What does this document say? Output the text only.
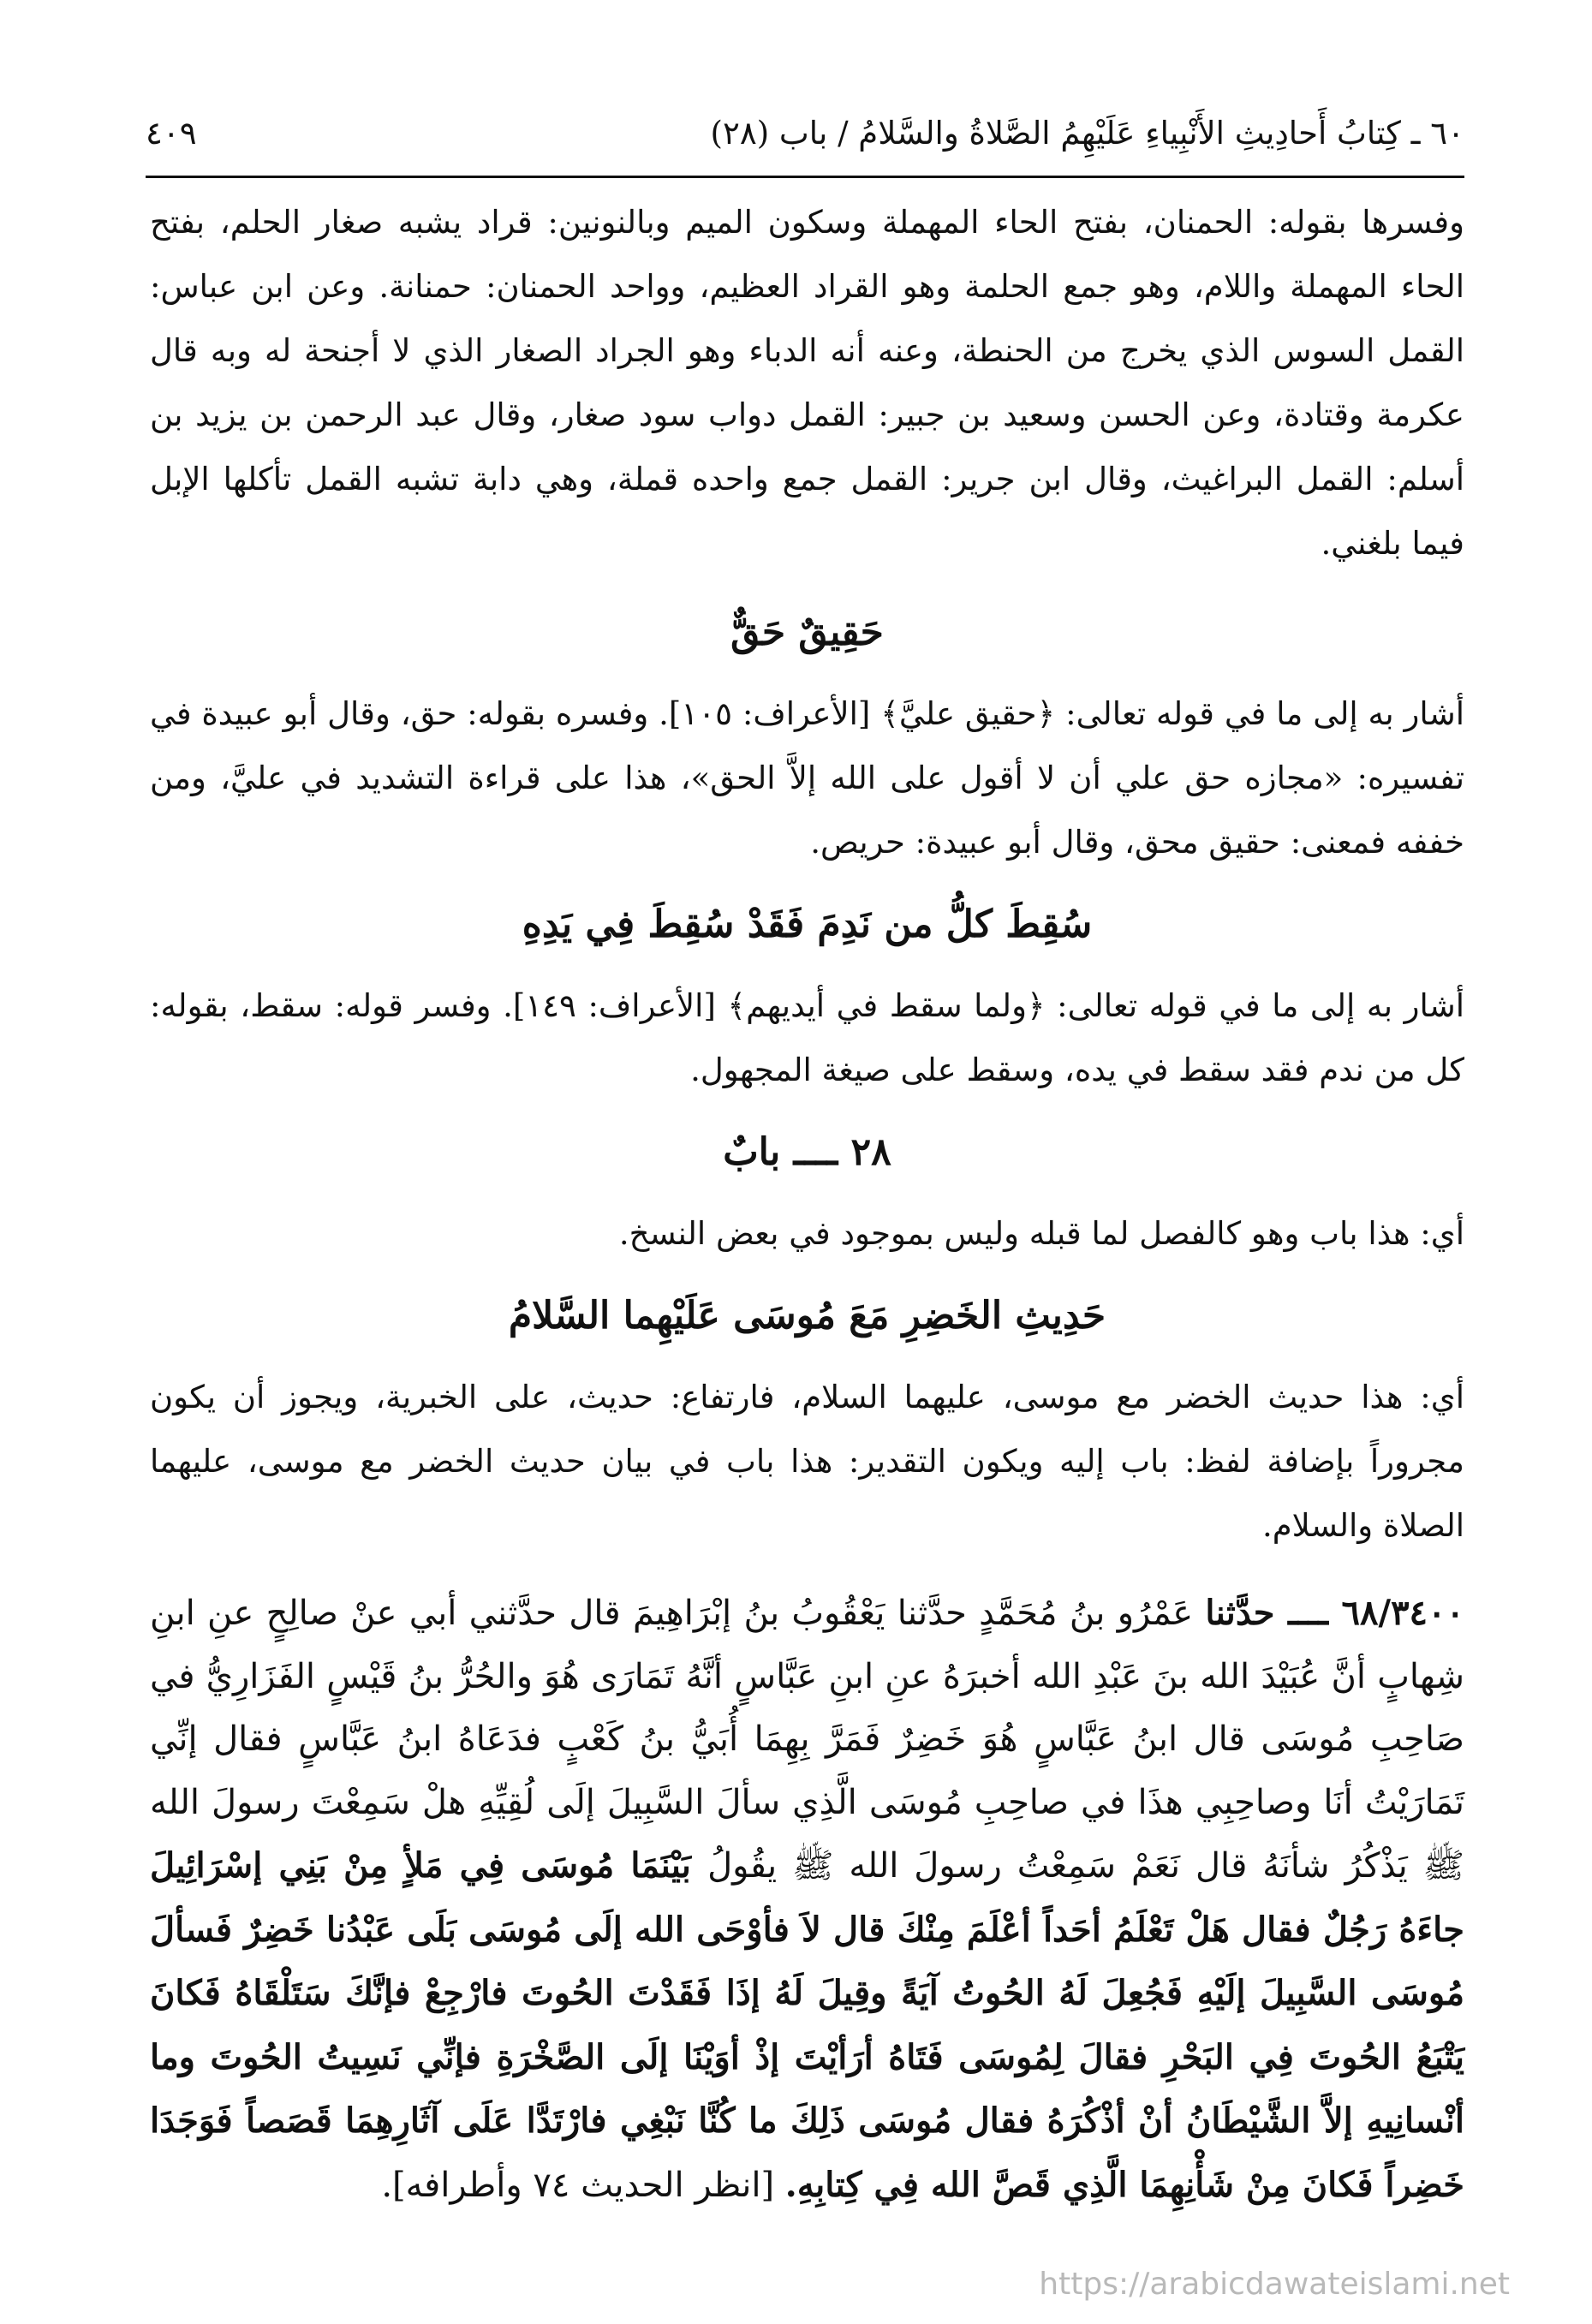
٦٠ ـ كِتابُ أَحادِيثِ الأَنْبِياءِ عَلَيْهِمُ الصَّلاةُ والسَّلامُ / باب (٢٨)
٤٠٩

وفسرها بقوله: الحمنان، بفتح الحاء المهملة وسكون الميم وبالنونين: قراد يشبه صغار الحلم، بفتح الحاء المهملة واللام، وهو جمع الحلمة وهو القراد العظيم، وواحد الحمنان: حمنانة. وعن ابن عباس: القمل السوس الذي يخرج من الحنطة، وعنه أنه الدباء وهو الجراد الصغار الذي لا أجنحة له وبه قال عكرمة وقتادة، وعن الحسن وسعيد بن جبير: القمل دواب سود صغار، وقال عبد الرحمن بن يزيد بن أسلم: القمل البراغيث، وقال ابن جرير: القمل جمع واحده قملة، وهي دابة تشبه القمل تأكلها الإبل فيما بلغني.

حَقِيقٌ حَقٌّ

أشار به إلى ما في قوله تعالى: ﴿حقيق عليَّ﴾ [الأعراف: ١٠٥]. وفسره بقوله: حق، وقال أبو عبيدة في تفسيره: «مجازه حق علي أن لا أقول على الله إلاَّ الحق»، هذا على قراءة التشديد في عليَّ، ومن خففه فمعنى: حقيق محق، وقال أبو عبيدة: حريص.

سُقِطَ كلُّ من نَدِمَ فَقَدْ سُقِطَ فِي يَدِهِ

أشار به إلى ما في قوله تعالى: ﴿ولما سقط في أيديهم﴾ [الأعراف: ١٤٩]. وفسر قوله: سقط، بقوله: كل من ندم فقد سقط في يده، وسقط على صيغة المجهول.

٢٨ ــــ بابٌ

أي: هذا باب وهو كالفصل لما قبله وليس بموجود في بعض النسخ.

حَدِيثِ الخَضِرِ مَعَ مُوسَى عَلَيْهِما السَّلامُ

أي: هذا حديث الخضر مع موسى، عليهما السلام، فارتفاع: حديث، على الخبرية، ويجوز أن يكون مجروراً بإضافة لفظ: باب إليه ويكون التقدير: هذا باب في بيان حديث الخضر مع موسى، عليهما الصلاة والسلام.

٦٨/٣٤٠٠ ــــ حدَّثنا عَمْرُو بنُ مُحَمَّدٍ حدَّثنا يَعْقُوبُ بنُ إبْرَاهِيمَ قال حدَّثني أبي عنْ صالِحٍ عنِ ابنِ شِهابٍ أنَّ عُبَيْدَ الله بنَ عَبْدِ الله أخبرَهُ عنِ ابنِ عَبَّاسٍ أنَّهُ تَمَارَى هُوَ والحُرُّ بنُ قَيْسٍ الفَزَارِيُّ في صَاحِبِ مُوسَى قال ابنُ عَبَّاسٍ هُوَ خَضِرٌ فَمَرَّ بِهِمَا أُبَيُّ بنُ كَعْبٍ فدَعَاهُ ابنُ عَبَّاسٍ فقال إنِّي تَمَارَيْتُ أنَا وصاحِبِي هذَا في صاحِبِ مُوسَى الَّذِي سألَ السَّبِيلَ إلَى لُقِيِّهِ هلْ سَمِعْتَ رسولَ الله ﷺ يَذْكُرُ شأنَهُ قال نَعَمْ سَمِعْتُ رسولَ الله ﷺ يقُولُ بَيْنَمَا مُوسَى فِي مَلأٍ مِنْ بَنِي إسْرَائِيلَ جاءَهُ رَجُلٌ فقال هَلْ تَعْلَمُ أحَداً أعْلَمَ مِنْكَ قال لاَ فأوْحَى الله إلَى مُوسَى بَلَى عَبْدُنا خَضِرٌ فَسألَ مُوسَى السَّبِيلَ إلَيْهِ فَجُعِلَ لَهُ الحُوتُ آيَةً وقِيلَ لَهُ إذَا فَقَدْتَ الحُوتَ فارْجِعْ فإنَّكَ سَتَلْقَاهُ فَكانَ يَتْبَعُ الحُوتَ فِي البَحْرِ فقالَ لِمُوسَى فَتَاهُ أرَأيْتَ إذْ أوَيْنَا إلَى الصَّخْرَةِ فإنِّي نَسِيتُ الحُوتَ وما أنْسانِيهِ إلاَّ الشَّيْطَانُ أنْ أذْكُرَهُ فقال مُوسَى ذَلِكَ ما كُنَّا نَبْغِي فارْتَدَّا عَلَى آثَارِهِمَا قَصَصاً فَوَجَدَا خَضِراً فَكانَ مِنْ شَأْنِهِمَا الَّذِي قَصَّ الله فِي كِتابِهِ. [انظر الحديث ٧٤ وأطرافه].

https://arabicdawateislami.net
